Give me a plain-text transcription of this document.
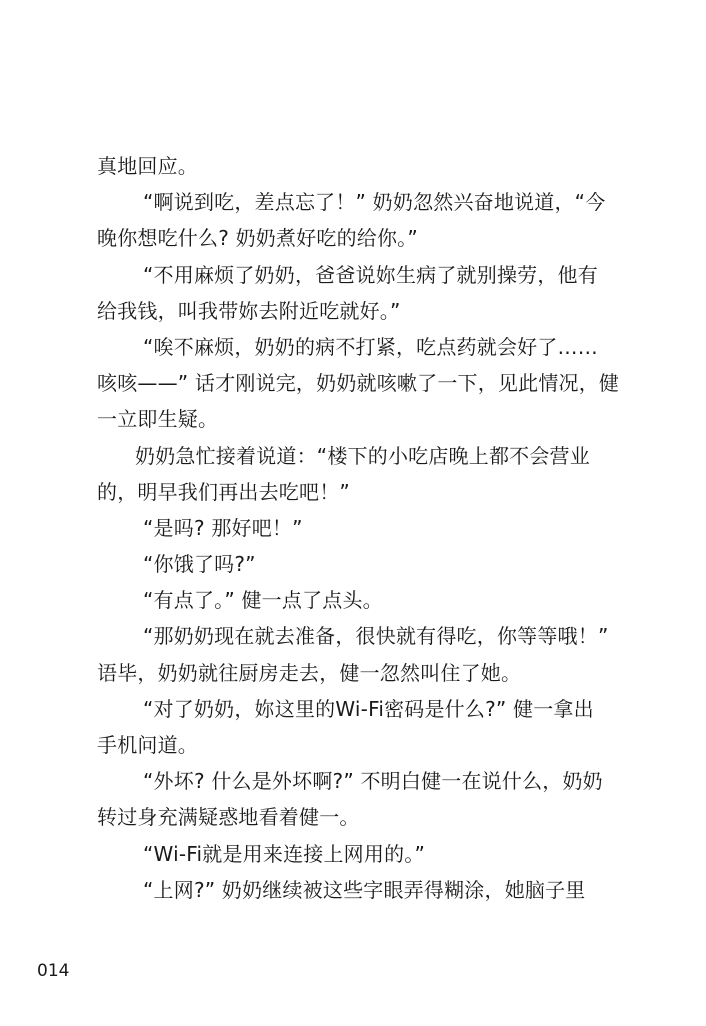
真地回应。
“啊说到吃，差点忘了！” 奶奶忽然兴奋地说道，“今
晚你想吃什么? 奶奶煮好吃的给你。”
“不用麻烦了奶奶，爸爸说妳生病了就别操劳，他有
给我钱，叫我带妳去附近吃就好。”
“唉不麻烦，奶奶的病不打紧，吃点药就会好了……
咳咳——” 话才刚说完，奶奶就咳嗽了一下，见此情况，健
一立即生疑。
奶奶急忙接着说道：“楼下的小吃店晚上都不会营业
的，明早我们再出去吃吧！”
“是吗? 那好吧！”
“你饿了吗?”
“有点了。” 健一点了点头。
“那奶奶现在就去准备，很快就有得吃，你等等哦！”
语毕，奶奶就往厨房走去，健一忽然叫住了她。
“对了奶奶，妳这里的Wi-Fi密码是什么?” 健一拿出
手机问道。
“外坏? 什么是外坏啊?” 不明白健一在说什么，奶奶
转过身充满疑惑地看着健一。
“Wi-Fi就是用来连接上网用的。”
“上网?” 奶奶继续被这些字眼弄得糊涂，她脑子里
014
